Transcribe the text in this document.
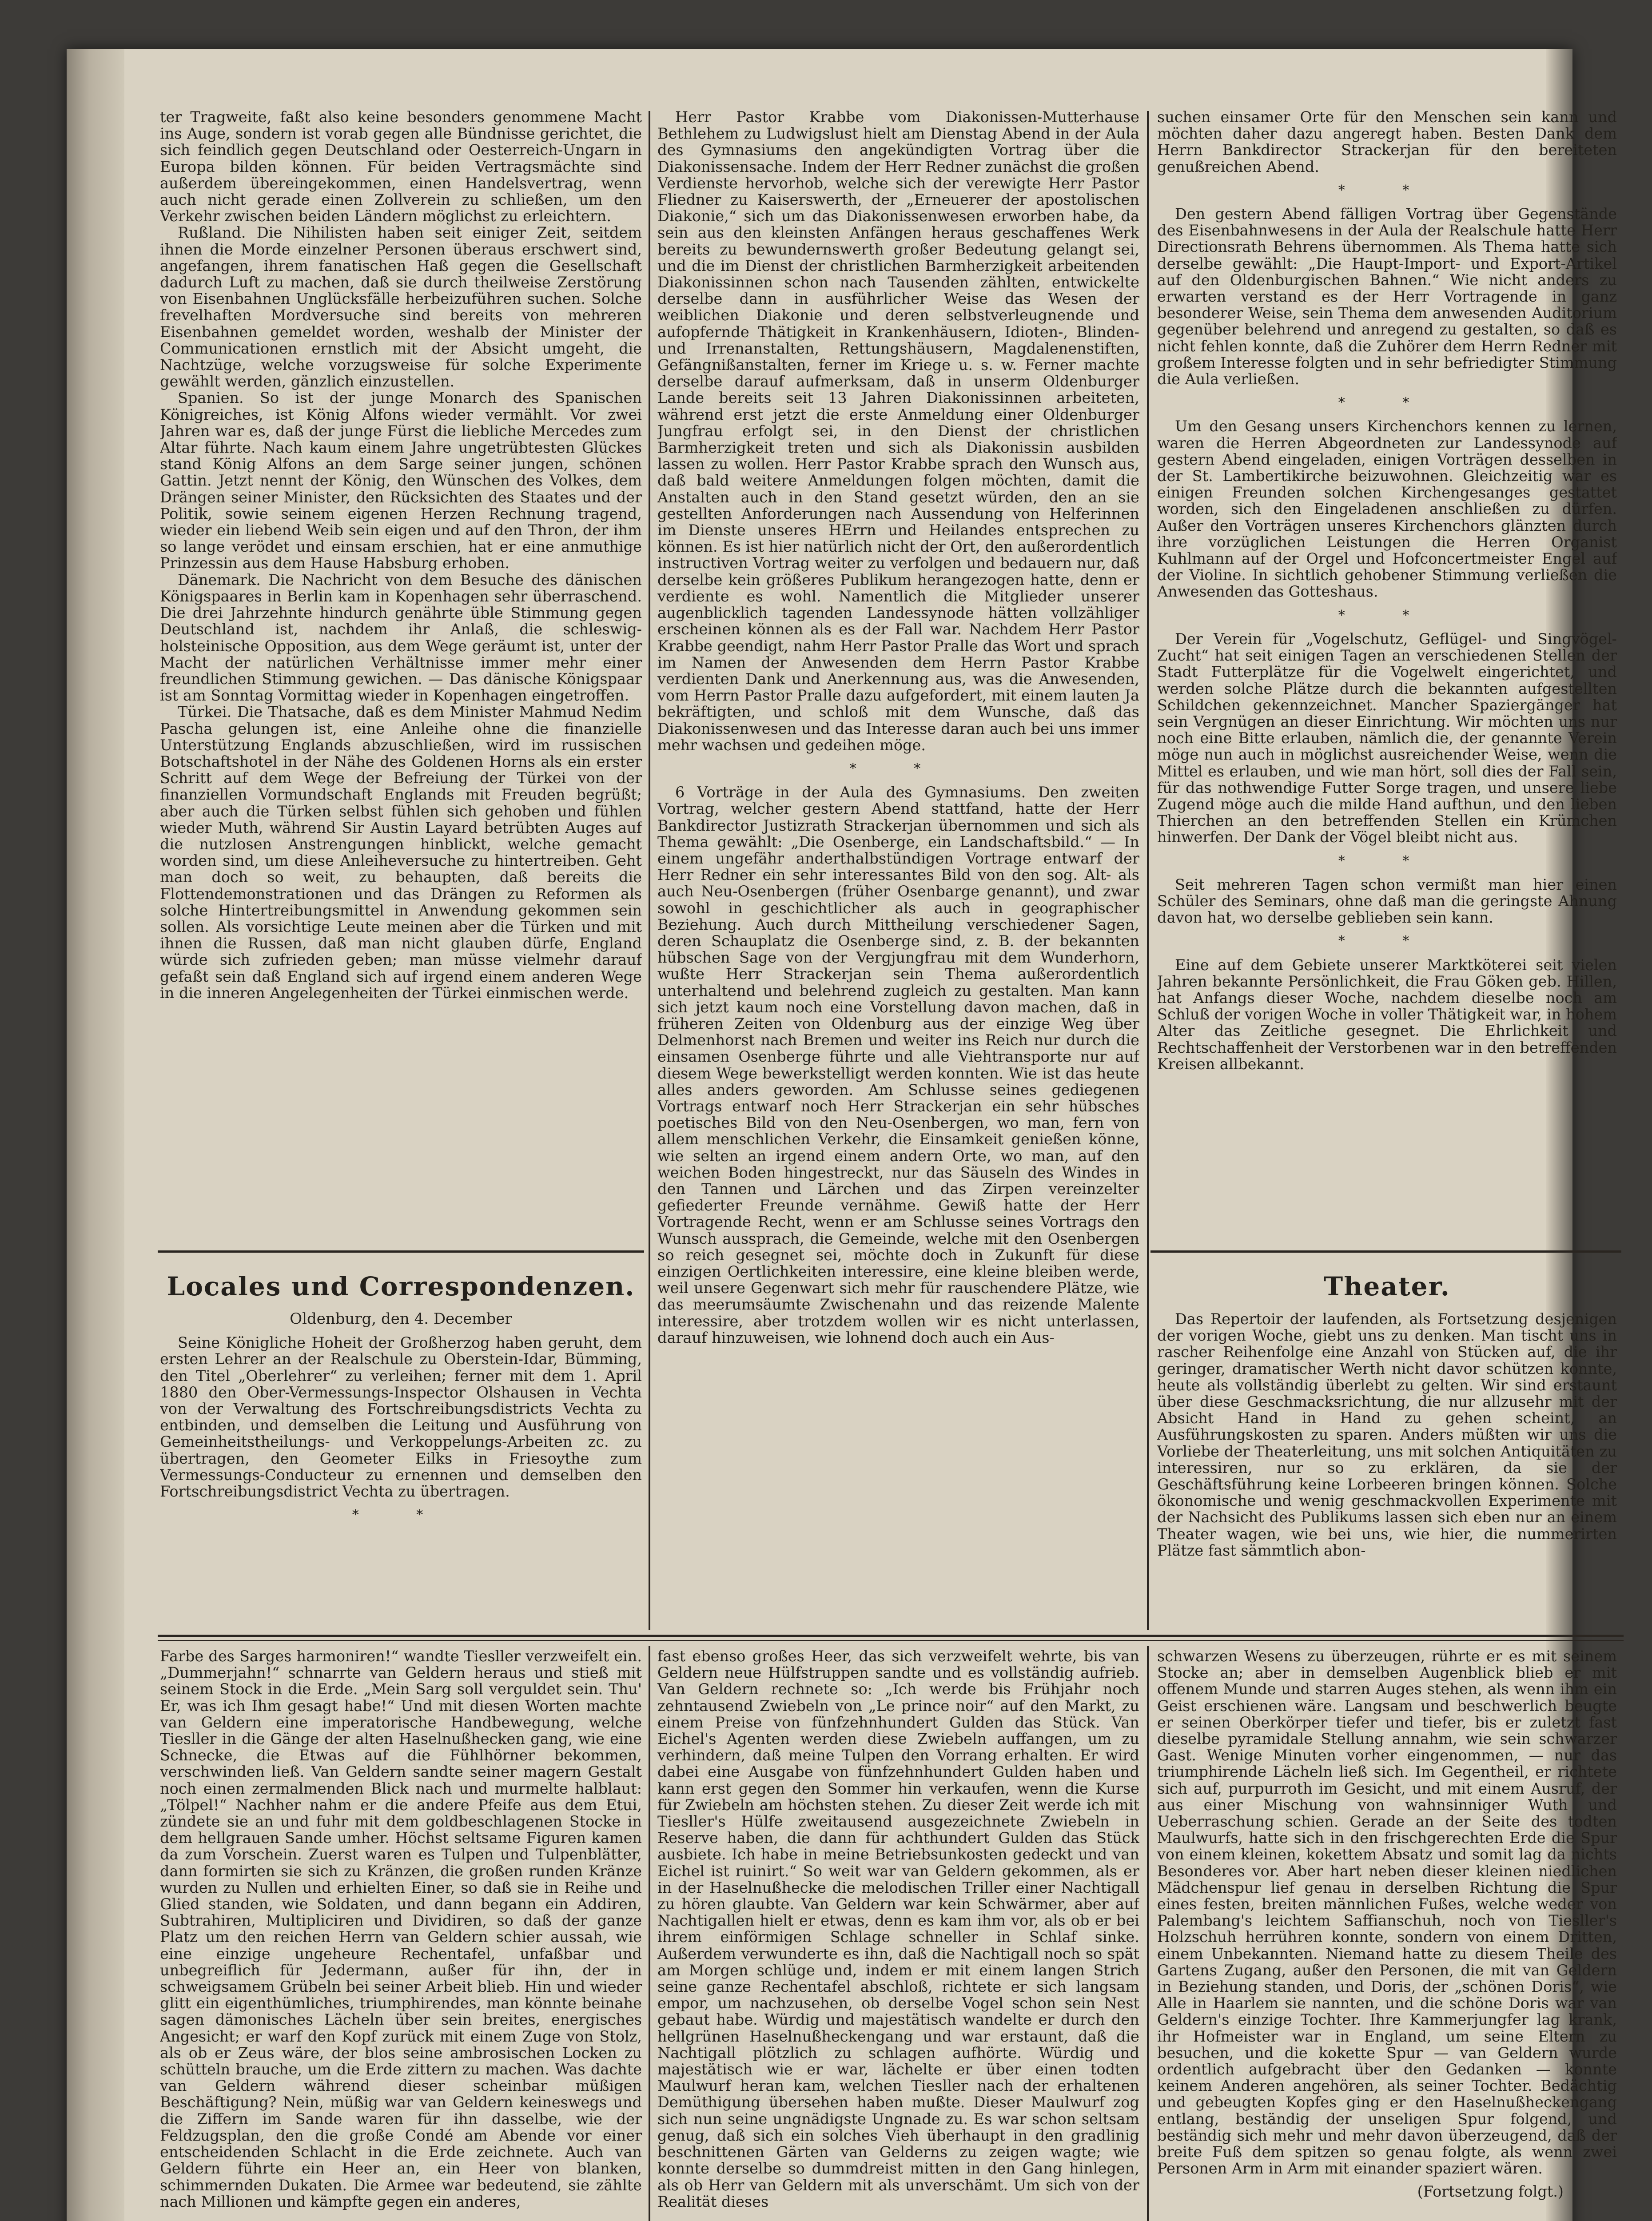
ter Tragweite, faßt also keine besonders genommene Macht ins Auge, sondern ist vorab gegen alle Bündnisse gerichtet, die sich feindlich gegen Deutschland oder Oesterreich-Ungarn in Europa bilden können. Für beiden Vertragsmächte sind außerdem übereingekommen, einen Handelsvertrag, wenn auch nicht gerade einen Zollverein zu schließen, um den Verkehr zwischen beiden Ländern möglichst zu erleichtern.

Rußland. Die Nihilisten haben seit einiger Zeit, seitdem ihnen die Morde einzelner Personen überaus erschwert sind, angefangen, ihrem fanatischen Haß gegen die Gesellschaft dadurch Luft zu machen, daß sie durch theilweise Zerstörung von Eisenbahnen Unglücksfälle herbeizuführen suchen. Solche frevelhaften Mordversuche sind bereits von mehreren Eisenbahnen gemeldet worden, weshalb der Minister der Communicationen ernstlich mit der Absicht umgeht, die Nachtzüge, welche vorzugsweise für solche Experimente gewählt werden, gänzlich einzustellen.

Spanien. So ist der junge Monarch des Spanischen Königreiches, ist König Alfons wieder vermählt. Vor zwei Jahren war es, daß der junge Fürst die liebliche Mercedes zum Altar führte. Nach kaum einem Jahre ungetrübtesten Glückes stand König Alfons an dem Sarge seiner jungen, schönen Gattin. Jetzt nennt der König, den Wünschen des Volkes, dem Drängen seiner Minister, den Rücksichten des Staates und der Politik, sowie seinem eigenen Herzen Rechnung tragend, wieder ein liebend Weib sein eigen und auf den Thron, der ihm so lange verödet und einsam erschien, hat er eine anmuthige Prinzessin aus dem Hause Habsburg erhoben.

Dänemark. Die Nachricht von dem Besuche des dänischen Königspaares in Berlin kam in Kopenhagen sehr überraschend. Die drei Jahrzehnte hindurch genährte üble Stimmung gegen Deutschland ist, nachdem ihr Anlaß, die schleswig-holsteinische Opposition, aus dem Wege geräumt ist, unter der Macht der natürlichen Verhältnisse immer mehr einer freundlichen Stimmung gewichen. — Das dänische Königspaar ist am Sonntag Vormittag wieder in Kopenhagen eingetroffen.

Türkei. Die Thatsache, daß es dem Minister Mahmud Nedim Pascha gelungen ist, eine Anleihe ohne die finanzielle Unterstützung Englands abzuschließen, wird im russischen Botschaftshotel in der Nähe des Goldenen Horns als ein erster Schritt auf dem Wege der Befreiung der Türkei von der finanziellen Vormundschaft Englands mit Freuden begrüßt; aber auch die Türken selbst fühlen sich gehoben und fühlen wieder Muth, während Sir Austin Layard betrübten Auges auf die nutzlosen Anstrengungen hinblickt, welche gemacht worden sind, um diese Anleiheversuche zu hintertreiben. Geht man doch so weit, zu behaupten, daß bereits die Flottendemonstrationen und das Drängen zu Reformen als solche Hintertreibungsmittel in Anwendung gekommen sein sollen. Als vorsichtige Leute meinen aber die Türken und mit ihnen die Russen, daß man nicht glauben dürfe, England würde sich zufrieden geben; man müsse vielmehr darauf gefaßt sein daß England sich auf irgend einem anderen Wege in die inneren Angelegenheiten der Türkei einmischen werde.

Locales und Correspondenzen.
Oldenburg, den 4. December

Seine Königliche Hoheit der Großherzog haben geruht, dem ersten Lehrer an der Realschule zu Oberstein-Idar, Bümming, den Titel „Oberlehrer“ zu verleihen; ferner mit dem 1. April 1880 den Ober-Vermessungs-Inspector Olshausen in Vechta von der Verwaltung des Fortschreibungsdistricts Vechta zu entbinden, und demselben die Leitung und Ausführung von Gemeinheitstheilungs- und Verkoppelungs-Arbeiten zc. zu übertragen, den Geometer Eilks in Friesoythe zum Vermessungs-Conducteur zu ernennen und demselben den Fortschreibungsdistrict Vechta zu übertragen.

* *

Herr Pastor Krabbe vom Diakonissen-Mutterhause Bethlehem zu Ludwigslust hielt am Dienstag Abend in der Aula des Gymnasiums den angekündigten Vortrag über die Diakonissensache. Indem der Herr Redner zunächst die großen Verdienste hervorhob, welche sich der verewigte Herr Pastor Fliedner zu Kaiserswerth, der „Erneuerer der apostolischen Diakonie,“ sich um das Diakonissenwesen erworben habe, da sein aus den kleinsten Anfängen heraus geschaffenes Werk bereits zu bewundernswerth großer Bedeutung gelangt sei, und die im Dienst der christlichen Barmherzigkeit arbeitenden Diakonissinnen schon nach Tausenden zählten, entwickelte derselbe dann in ausführlicher Weise das Wesen der weiblichen Diakonie und deren selbstverleugnende und aufopfernde Thätigkeit in Krankenhäusern, Idioten-, Blinden- und Irrenanstalten, Rettungshäusern, Magdalenenstiften, Gefängnißanstalten, ferner im Kriege u. s. w. Ferner machte derselbe darauf aufmerksam, daß in unserm Oldenburger Lande bereits seit 13 Jahren Diakonissinnen arbeiteten, während erst jetzt die erste Anmeldung einer Oldenburger Jungfrau erfolgt sei, in den Dienst der christlichen Barmherzigkeit treten und sich als Diakonissin ausbilden lassen zu wollen. Herr Pastor Krabbe sprach den Wunsch aus, daß bald weitere Anmeldungen folgen möchten, damit die Anstalten auch in den Stand gesetzt würden, den an sie gestellten Anforderungen nach Aussendung von Helferinnen im Dienste unseres HErrn und Heilandes entsprechen zu können. Es ist hier natürlich nicht der Ort, den außerordentlich instructiven Vortrag weiter zu verfolgen und bedauern nur, daß derselbe kein größeres Publikum herangezogen hatte, denn er verdiente es wohl. Namentlich die Mitglieder unserer augenblicklich tagenden Landessynode hätten vollzähliger erscheinen können als es der Fall war. Nachdem Herr Pastor Krabbe geendigt, nahm Herr Pastor Pralle das Wort und sprach im Namen der Anwesenden dem Herrn Pastor Krabbe verdienten Dank und Anerkennung aus, was die Anwesenden, vom Herrn Pastor Pralle dazu aufgefordert, mit einem lauten Ja bekräftigten, und schloß mit dem Wunsche, daß das Diakonissenwesen und das Interesse daran auch bei uns immer mehr wachsen und gedeihen möge.

* *

6 Vorträge in der Aula des Gymnasiums. Den zweiten Vortrag, welcher gestern Abend stattfand, hatte der Herr Bankdirector Justizrath Strackerjan übernommen und sich als Thema gewählt: „Die Osenberge, ein Landschaftsbild.“ — In einem ungefähr anderthalbstündigen Vortrage entwarf der Herr Redner ein sehr interessantes Bild von den sog. Alt- als auch Neu-Osenbergen (früher Osenbarge genannt), und zwar sowohl in geschichtlicher als auch in geographischer Beziehung. Auch durch Mittheilung verschiedener Sagen, deren Schauplatz die Osenberge sind, z. B. der bekannten hübschen Sage von der Vergjungfrau mit dem Wunderhorn, wußte Herr Strackerjan sein Thema außerordentlich unterhaltend und belehrend zugleich zu gestalten. Man kann sich jetzt kaum noch eine Vorstellung davon machen, daß in früheren Zeiten von Oldenburg aus der einzige Weg über Delmenhorst nach Bremen und weiter ins Reich nur durch die einsamen Osenberge führte und alle Viehtransporte nur auf diesem Wege bewerkstelligt werden konnten. Wie ist das heute alles anders geworden. Am Schlusse seines gediegenen Vortrags entwarf noch Herr Strackerjan ein sehr hübsches poetisches Bild von den Neu-Osenbergen, wo man, fern von allem menschlichen Verkehr, die Einsamkeit genießen könne, wie selten an irgend einem andern Orte, wo man, auf den weichen Boden hingestreckt, nur das Säuseln des Windes in den Tannen und Lärchen und das Zirpen vereinzelter gefiederter Freunde vernähme. Gewiß hatte der Herr Vortragende Recht, wenn er am Schlusse seines Vortrags den Wunsch aussprach, die Gemeinde, welche mit den Osenbergen so reich gesegnet sei, möchte doch in Zukunft für diese einzigen Oertlichkeiten interessire, eine kleine bleiben werde, weil unsere Gegenwart sich mehr für rauschendere Plätze, wie das meerumsäumte Zwischenahn und das reizende Malente interessire, aber trotzdem wollen wir es nicht unterlassen, darauf hinzuweisen, wie lohnend doch auch ein Aus-

suchen einsamer Orte für den Menschen sein kann und möchten daher dazu angeregt haben. Besten Dank dem Herrn Bankdirector Strackerjan für den bereiteten genußreichen Abend.

* *

Den gestern Abend fälligen Vortrag über Gegenstände des Eisenbahnwesens in der Aula der Realschule hatte Herr Directionsrath Behrens übernommen. Als Thema hatte sich derselbe gewählt: „Die Haupt-Import- und Export-Artikel auf den Oldenburgischen Bahnen.“ Wie nicht anders zu erwarten verstand es der Herr Vortragende in ganz besonderer Weise, sein Thema dem anwesenden Auditorium gegenüber belehrend und anregend zu gestalten, so daß es nicht fehlen konnte, daß die Zuhörer dem Herrn Redner mit großem Interesse folgten und in sehr befriedigter Stimmung die Aula verließen.

* *

Um den Gesang unsers Kirchenchors kennen zu lernen, waren die Herren Abgeordneten zur Landessynode auf gestern Abend eingeladen, einigen Vorträgen desselben in der St. Lambertikirche beizuwohnen. Gleichzeitig war es einigen Freunden solchen Kirchengesanges gestattet worden, sich den Eingeladenen anschließen zu dürfen. Außer den Vorträgen unseres Kirchenchors glänzten durch ihre vorzüglichen Leistungen die Herren Organist Kuhlmann auf der Orgel und Hofconcertmeister Engel auf der Violine. In sichtlich gehobener Stimmung verließen die Anwesenden das Gotteshaus.

* *

Der Verein für „Vogelschutz, Geflügel- und Singvögel-Zucht“ hat seit einigen Tagen an verschiedenen Stellen der Stadt Futterplätze für die Vogelwelt eingerichtet, und werden solche Plätze durch die bekannten aufgestellten Schildchen gekennzeichnet. Mancher Spaziergänger hat sein Vergnügen an dieser Einrichtung. Wir möchten uns nur noch eine Bitte erlauben, nämlich die, der genannte Verein möge nun auch in möglichst ausreichender Weise, wenn die Mittel es erlauben, und wie man hört, soll dies der Fall sein, für das nothwendige Futter Sorge tragen, und unsere liebe Zugend möge auch die milde Hand aufthun, und den lieben Thierchen an den betreffenden Stellen ein Krümchen hinwerfen. Der Dank der Vögel bleibt nicht aus.

* *

Seit mehreren Tagen schon vermißt man hier einen Schüler des Seminars, ohne daß man die geringste Ahnung davon hat, wo derselbe geblieben sein kann.

* *

Eine auf dem Gebiete unserer Marktköterei seit vielen Jahren bekannte Persönlichkeit, die Frau Göken geb. Hillen, hat Anfangs dieser Woche, nachdem dieselbe noch am Schluß der vorigen Woche in voller Thätigkeit war, in hohem Alter das Zeitliche gesegnet. Die Ehrlichkeit und Rechtschaffenheit der Verstorbenen war in den betreffenden Kreisen allbekannt.

Theater.

Das Repertoir der laufenden, als Fortsetzung desjenigen der vorigen Woche, giebt uns zu denken. Man tischt uns in rascher Reihenfolge eine Anzahl von Stücken auf, die ihr geringer, dramatischer Werth nicht davor schützen konnte, heute als vollständig überlebt zu gelten. Wir sind erstaunt über diese Geschmacksrichtung, die nur allzusehr mit der Absicht Hand in Hand zu gehen scheint, an Ausführungskosten zu sparen. Anders müßten wir uns die Vorliebe der Theaterleitung, uns mit solchen Antiquitäten zu interessiren, nur so zu erklären, da sie der Geschäftsführung keine Lorbeeren bringen können. Solche ökonomische und wenig geschmackvollen Experimente mit der Nachsicht des Publikums lassen sich eben nur an einem Theater wagen, wie bei uns, wie hier, die nummerirten Plätze fast sämmtlich abon-

Farbe des Sarges harmoniren!“ wandte Tiesller verzweifelt ein. „Dummerjahn!“ schnarrte van Geldern heraus und stieß mit seinem Stock in die Erde. „Mein Sarg soll verguldet sein. Thu' Er, was ich Ihm gesagt habe!“ Und mit diesen Worten machte van Geldern eine imperatorische Handbewegung, welche Tiesller in die Gänge der alten Haselnußhecken gang, wie eine Schnecke, die Etwas auf die Fühlhörner bekommen, verschwinden ließ. Van Geldern sandte seiner magern Gestalt noch einen zermalmenden Blick nach und murmelte halblaut: „Tölpel!“ Nachher nahm er die andere Pfeife aus dem Etui, zündete sie an und fuhr mit dem goldbeschlagenen Stocke in dem hellgrauen Sande umher. Höchst seltsame Figuren kamen da zum Vorschein. Zuerst waren es Tulpen und Tulpenblätter, dann formirten sie sich zu Kränzen, die großen runden Kränze wurden zu Nullen und erhielten Einer, so daß sie in Reihe und Glied standen, wie Soldaten, und dann begann ein Addiren, Subtrahiren, Multipliciren und Dividiren, so daß der ganze Platz um den reichen Herrn van Geldern schier aussah, wie eine einzige ungeheure Rechentafel, unfaßbar und unbegreiflich für Jedermann, außer für ihn, der in schweigsamem Grübeln bei seiner Arbeit blieb. Hin und wieder glitt ein eigenthümliches, triumphirendes, man könnte beinahe sagen dämonisches Lächeln über sein breites, energisches Angesicht; er warf den Kopf zurück mit einem Zuge von Stolz, als ob er Zeus wäre, der blos seine ambrosischen Locken zu schütteln brauche, um die Erde zittern zu machen. Was dachte van Geldern während dieser scheinbar müßigen Beschäftigung? Nein, müßig war van Geldern keineswegs und die Ziffern im Sande waren für ihn dasselbe, wie der Feldzugsplan, den die große Condé am Abende vor einer entscheidenden Schlacht in die Erde zeichnete. Auch van Geldern führte ein Heer an, ein Heer von blanken, schimmernden Dukaten. Die Armee war bedeutend, sie zählte nach Millionen und kämpfte gegen ein anderes,

fast ebenso großes Heer, das sich verzweifelt wehrte, bis van Geldern neue Hülfstruppen sandte und es vollständig aufrieb. Van Geldern rechnete so: „Ich werde bis Frühjahr noch zehntausend Zwiebeln von „Le prince noir“ auf den Markt, zu einem Preise von fünfzehnhundert Gulden das Stück. Van Eichel's Agenten werden diese Zwiebeln auffangen, um zu verhindern, daß meine Tulpen den Vorrang erhalten. Er wird dabei eine Ausgabe von fünfzehnhundert Gulden haben und kann erst gegen den Sommer hin verkaufen, wenn die Kurse für Zwiebeln am höchsten stehen. Zu dieser Zeit werde ich mit Tiesller's Hülfe zweitausend ausgezeichnete Zwiebeln in Reserve haben, die dann für achthundert Gulden das Stück ausbiete. Ich habe in meine Betriebsunkosten gedeckt und van Eichel ist ruinirt.“ So weit war van Geldern gekommen, als er in der Haselnußhecke die melodischen Triller einer Nachtigall zu hören glaubte. Van Geldern war kein Schwärmer, aber auf Nachtigallen hielt er etwas, denn es kam ihm vor, als ob er bei ihrem einförmigen Schlage schneller in Schlaf sinke. Außerdem verwunderte es ihn, daß die Nachtigall noch so spät am Morgen schlüge und, indem er mit einem langen Strich seine ganze Rechentafel abschloß, richtete er sich langsam empor, um nachzusehen, ob derselbe Vogel schon sein Nest gebaut habe. Würdig und majestätisch wandelte er durch den hellgrünen Haselnußheckengang und war erstaunt, daß die Nachtigall plötzlich zu schlagen aufhörte. Würdig und majestätisch wie er war, lächelte er über einen todten Maulwurf heran kam, welchen Tiesller nach der erhaltenen Demüthigung übersehen haben mußte. Dieser Maulwurf zog sich nun seine ungnädigste Ungnade zu. Es war schon seltsam genug, daß sich ein solches Vieh überhaupt in den gradlinig beschnittenen Gärten van Gelderns zu zeigen wagte; wie konnte derselbe so dummdreist mitten in den Gang hinlegen, als ob Herr van Geldern mit als unverschämt. Um sich von der Realität dieses

schwarzen Wesens zu überzeugen, rührte er es mit seinem Stocke an; aber in demselben Augenblick blieb er mit offenem Munde und starren Auges stehen, als wenn ihm ein Geist erschienen wäre. Langsam und beschwerlich beugte er seinen Oberkörper tiefer und tiefer, bis er zuletzt fast dieselbe pyramidale Stellung annahm, wie sein schwarzer Gast. Wenige Minuten vorher eingenommen, — nur das triumphirende Lächeln ließ sich. Im Gegentheil, er richtete sich auf, purpurroth im Gesicht, und mit einem Ausruf, der aus einer Mischung von wahnsinniger Wuth und Ueberraschung schien. Gerade an der Seite des todten Maulwurfs, hatte sich in den frischgerechten Erde die Spur von einem kleinen, kokettem Absatz und somit lag da nichts Besonderes vor. Aber hart neben dieser kleinen niedlichen Mädchenspur lief genau in derselben Richtung die Spur eines festen, breiten männlichen Fußes, welche weder von Palembang's leichtem Saffianschuh, noch von Tiesller's Holzschuh herrühren konnte, sondern von einem Dritten, einem Unbekannten. Niemand hatte zu diesem Theile des Gartens Zugang, außer den Personen, die mit van Geldern in Beziehung standen, und Doris, der „schönen Doris“, wie Alle in Haarlem sie nannten, und die schöne Doris war van Geldern's einzige Tochter. Ihre Kammerjungfer lag krank, ihr Hofmeister war in England, um seine Eltern zu besuchen, und die kokette Spur — van Geldern wurde ordentlich aufgebracht über den Gedanken — konnte keinem Anderen angehören, als seiner Tochter. Bedächtig und gebeugten Kopfes ging er den Haselnußheckengang entlang, beständig der unseligen Spur folgend, und beständig sich mehr und mehr davon überzeugend, daß der breite Fuß dem spitzen so genau folgte, als wenn zwei Personen Arm in Arm mit einander spaziert wären.

(Fortsetzung folgt.)
